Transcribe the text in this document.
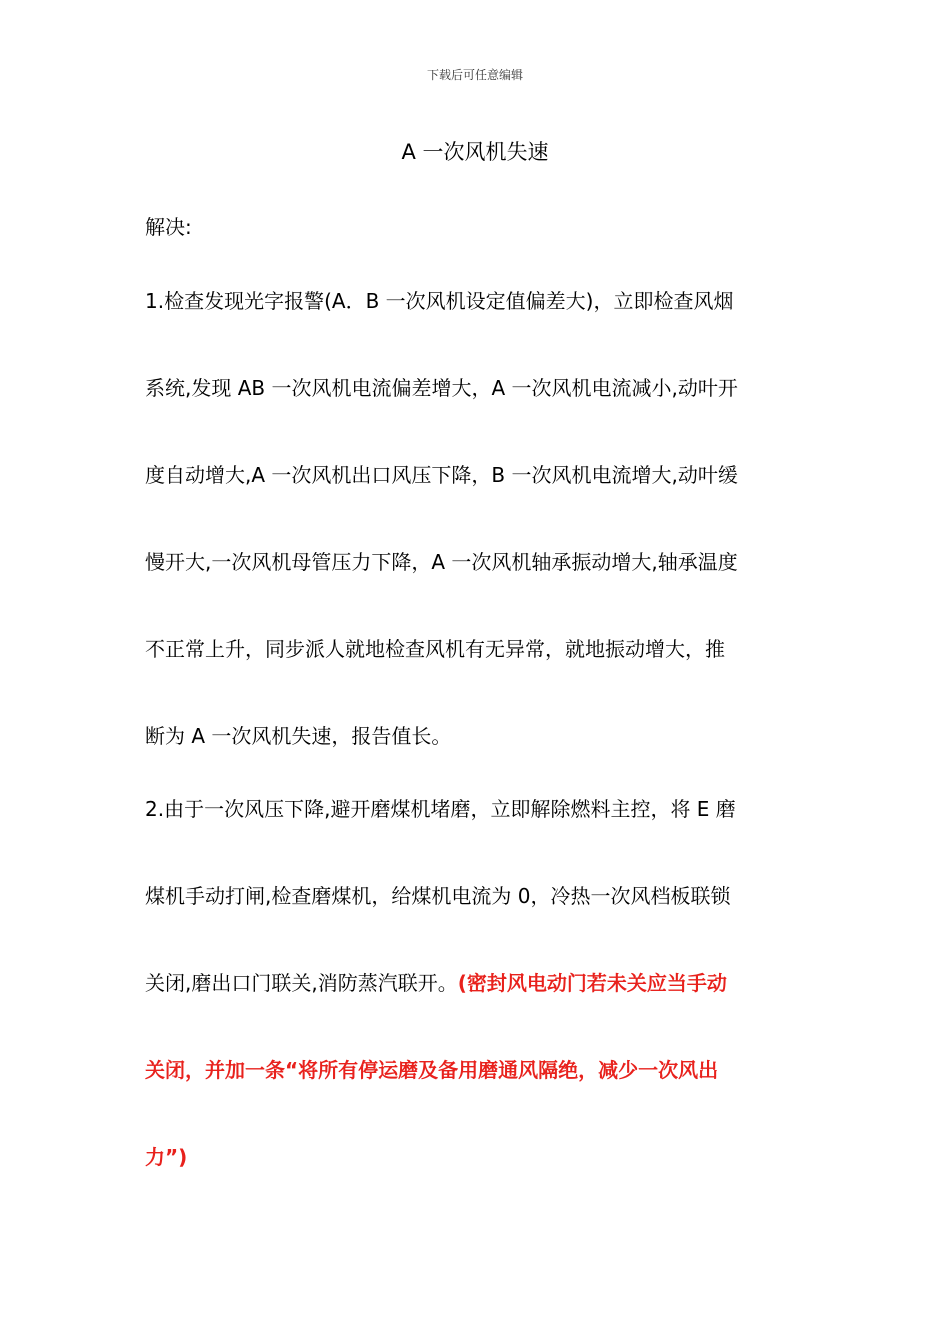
下载后可任意编辑
A 一次风机失速
解决:
1.检查发现光字报警(A．B 一次风机设定值偏差大)，立即检查风烟
系统,发现 AB 一次风机电流偏差增大，A 一次风机电流减小,动叶开
度自动增大,A 一次风机出口风压下降，B 一次风机电流增大,动叶缓
慢开大,一次风机母管压力下降，A 一次风机轴承振动增大,轴承温度
不正常上升，同步派人就地检查风机有无异常，就地振动增大，推
断为 A 一次风机失速，报告值长。
2.由于一次风压下降,避开磨煤机堵磨，立即解除燃料主控，将 E 磨
煤机手动打闸,检查磨煤机，给煤机电流为 0，冷热一次风档板联锁
关闭,磨出口门联关,消防蒸汽联开。(密封风电动门若未关应当手动
关闭，并加一条“将所有停运磨及备用磨通风隔绝，减少一次风出
力”)
